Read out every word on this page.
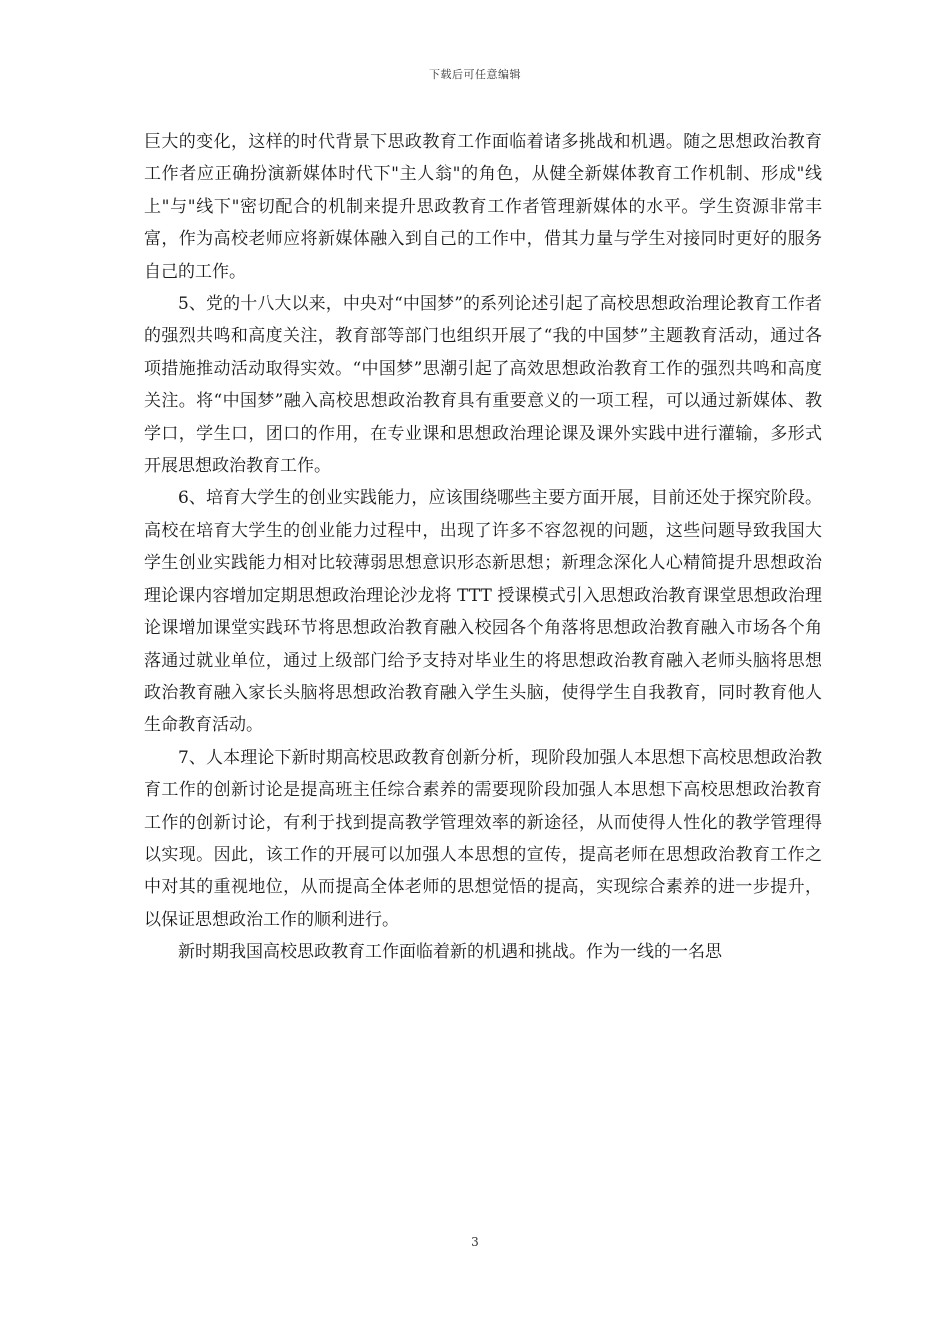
下载后可任意编辑

巨大的变化，这样的时代背景下思政教育工作面临着诸多挑战和机遇。随之思想政治教育工作者应正确扮演新媒体时代下"主人翁"的角色，从健全新媒体教育工作机制、形成"线上"与"线下"密切配合的机制来提升思政教育工作者管理新媒体的水平。学生资源非常丰富，作为高校老师应将新媒体融入到自己的工作中，借其力量与学生对接同时更好的服务自己的工作。

5、党的十八大以来，中央对“中国梦”的系列论述引起了高校思想政治理论教育工作者的强烈共鸣和高度关注，教育部等部门也组织开展了“我的中国梦”主题教育活动，通过各项措施推动活动取得实效。“中国梦”思潮引起了高效思想政治教育工作的强烈共鸣和高度关注。将“中国梦”融入高校思想政治教育具有重要意义的一项工程，可以通过新媒体、教学口，学生口，团口的作用，在专业课和思想政治理论课及课外实践中进行灌输，多形式开展思想政治教育工作。

6、培育大学生的创业实践能力，应该围绕哪些主要方面开展，目前还处于探究阶段。高校在培育大学生的创业能力过程中，出现了许多不容忽视的问题，这些问题导致我国大学生创业实践能力相对比较薄弱思想意识形态新思想；新理念深化人心精简提升思想政治理论课内容增加定期思想政治理论沙龙将 TTT 授课模式引入思想政治教育课堂思想政治理论课增加课堂实践环节将思想政治教育融入校园各个角落将思想政治教育融入市场各个角落通过就业单位，通过上级部门给予支持对毕业生的将思想政治教育融入老师头脑将思想政治教育融入家长头脑将思想政治教育融入学生头脑，使得学生自我教育，同时教育他人生命教育活动。

7、人本理论下新时期高校思政教育创新分析，现阶段加强人本思想下高校思想政治教育工作的创新讨论是提高班主任综合素养的需要现阶段加强人本思想下高校思想政治教育工作的创新讨论，有利于找到提高教学管理效率的新途径，从而使得人性化的教学管理得以实现。因此，该工作的开展可以加强人本思想的宣传，提高老师在思想政治教育工作之中对其的重视地位，从而提高全体老师的思想觉悟的提高，实现综合素养的进一步提升，以保证思想政治工作的顺利进行。

新时期我国高校思政教育工作面临着新的机遇和挑战。作为一线的一名思

3
